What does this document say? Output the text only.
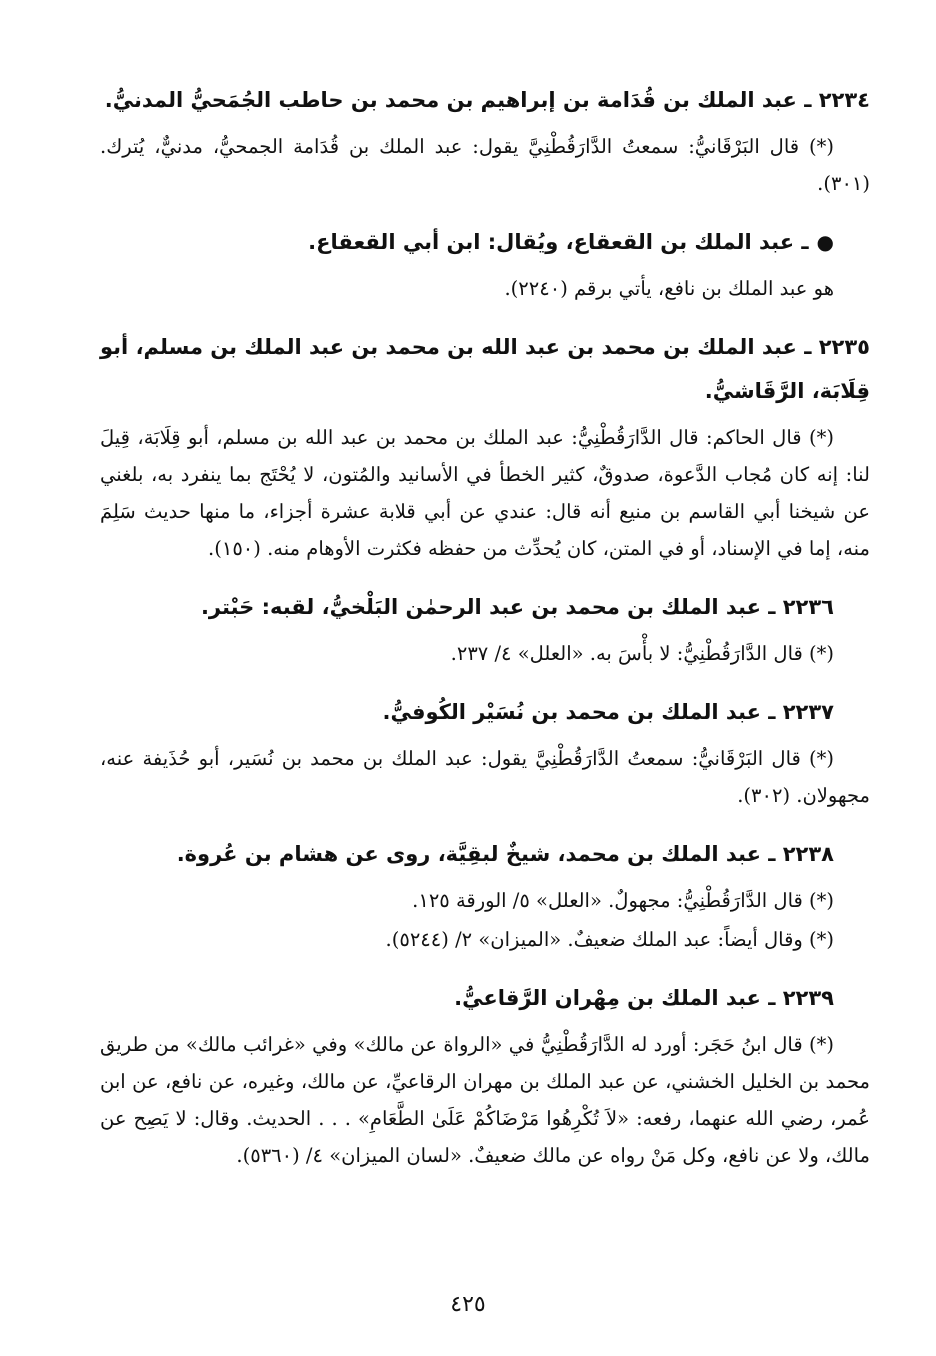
٢٢٣٤ ـ عبد الملك بن قُدَامة بن إبراهيم بن محمد بن حاطب الجُمَحيُّ المدنيُّ.

(*) قال البَرْقَانيُّ: سمعتُ الدَّارَقُطْنِيَّ يقول: عبد الملك بن قُدَامة الجمحيُّ، مدنيٌّ، يُترك. (٣٠١).

●ـ عبد الملك بن القعقاع، ويُقال: ابن أبي القعقاع.

هو عبد الملك بن نافع، يأتي برقم (٢٢٤٠).

٢٢٣٥ ـ عبد الملك بن محمد بن عبد الله بن محمد بن عبد الملك بن مسلم، أبو قِلَابَة، الرَّقَاشيُّ.

(*) قال الحاكم: قال الدَّارَقُطْنِيُّ: عبد الملك بن محمد بن عبد الله بن مسلم، أبو قِلَابَة، قِيلَ لنا: إنه كان مُجاب الدَّعوة، صدوقٌ، كثير الخطأ في الأسانيد والمُتون، لا يُحْتَج بما ينفرد به، بلغني عن شيخنا أبي القاسم بن منيع أنه قال: عندي عن أبي قلابة عشرة أجزاء، ما منها حديث سَلِمَ منه، إما في الإسناد، أو في المتن، كان يُحدِّث من حفظه فكثرت الأوهام منه. (١٥٠).

٢٢٣٦ ـ عبد الملك بن محمد بن عبد الرحمٰن البَلْخيُّ، لقبه: حَبْتر.

(*) قال الدَّارَقُطْنِيُّ: لا بأْسَ به. «العلل» ٤/ ٢٣٧.

٢٢٣٧ ـ عبد الملك بن محمد بن نُسَيْر الكُوفيُّ.

(*) قال البَرْقَانيُّ: سمعتُ الدَّارَقُطْنِيَّ يقول: عبد الملك بن محمد بن نُسَير، أبو حُذَيفة عنه، مجهولان. (٣٠٢).

٢٢٣٨ ـ عبد الملك بن محمد، شيخٌ لبقِيَّة، روى عن هشام بن عُروة.

(*) قال الدَّارَقُطْنِيُّ: مجهولٌ. «العلل» ٥/ الورقة ١٢٥.

(*) وقال أيضاً: عبد الملك ضعيفٌ. «الميزان» ٢/ (٥٢٤٤).

٢٢٣٩ ـ عبد الملك بن مِهْران الرَّقاعيُّ.

(*) قال ابنُ حَجَر: أورد له الدَّارَقُطْنِيُّ في «الرواة عن مالك» وفي «غرائب مالك» من طريق محمد بن الخليل الخشني، عن عبد الملك بن مهران الرقاعيِّ، عن مالك، وغيره، عن نافع، عن ابن عُمر، رضي الله عنهما، رفعه: «لاَ تُكْرِهُوا مَرْضَاكُمْ عَلَىٰ الطَّعَامِ» . . . الحديث. وقال: لا يَصِح عن مالك، ولا عن نافع، وكل مَنْ رواه عن مالك ضعيفٌ. «لسان الميزان» ٤/ (٥٣٦٠).

٤٢٥
